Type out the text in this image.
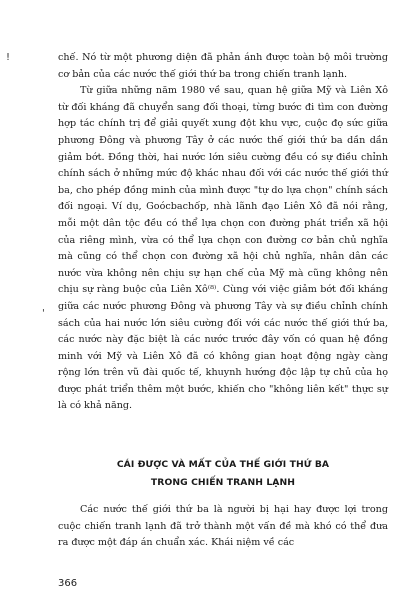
!
'

chế. Nó từ một phương diện đã phản ánh được toàn bộ môi trường cơ bản của các nước thế giới thứ ba trong chiến tranh lạnh.

Từ giữa những năm 1980 về sau, quan hệ giữa Mỹ và Liên Xô từ đối kháng đã chuyển sang đối thoại, từng bước đi tìm con đường hợp tác chính trị để giải quyết xung đột khu vực, cuộc đọ sức giữa phương Đông và phương Tây ở các nước thế giới thứ ba dần dần giảm bớt. Đồng thời, hai nước lớn siêu cường đều có sự điều chỉnh chính sách ở những mức độ khác nhau đối với các nước thế giới thứ ba, cho phép đồng minh của mình được "tự do lựa chọn" chính sách đối ngoại. Ví dụ, Goócbachốp, nhà lãnh đạo Liên Xô đã nói rằng, mỗi một dân tộc đều có thể lựa chọn con đường phát triển xã hội của riêng mình, vừa có thể lựa chọn con đường cơ bản chủ nghĩa mà cũng có thể chọn con đường xã hội chủ nghĩa, nhân dân các nước vừa không nên chịu sự hạn chế của Mỹ mà cũng không nên chịu sự ràng buộc của Liên Xô⁽⁸⁾. Cùng với việc giảm bớt đối kháng giữa các nước phương Đông và phương Tây và sự điều chỉnh chính sách của hai nước lớn siêu cường đối với các nước thế giới thứ ba, các nước này đặc biệt là các nước trước đây vốn có quan hệ đồng minh với Mỹ và Liên Xô đã có không gian hoạt động ngày càng rộng lớn trên vũ đài quốc tế, khuynh hướng độc lập tự chủ của họ được phát triển thêm một bước, khiến cho "không liên kết" thực sự là có khả năng.

CÁI ĐƯỢC VÀ MẤT CỦA THẾ GIỚI THỨ BA
TRONG CHIẾN TRANH LẠNH

Các nước thế giới thứ ba là người bị hại hay được lợi trong cuộc chiến tranh lạnh đã trở thành một vấn đề mà khó có thể đưa ra được một đáp án chuẩn xác. Khái niệm về các

366
